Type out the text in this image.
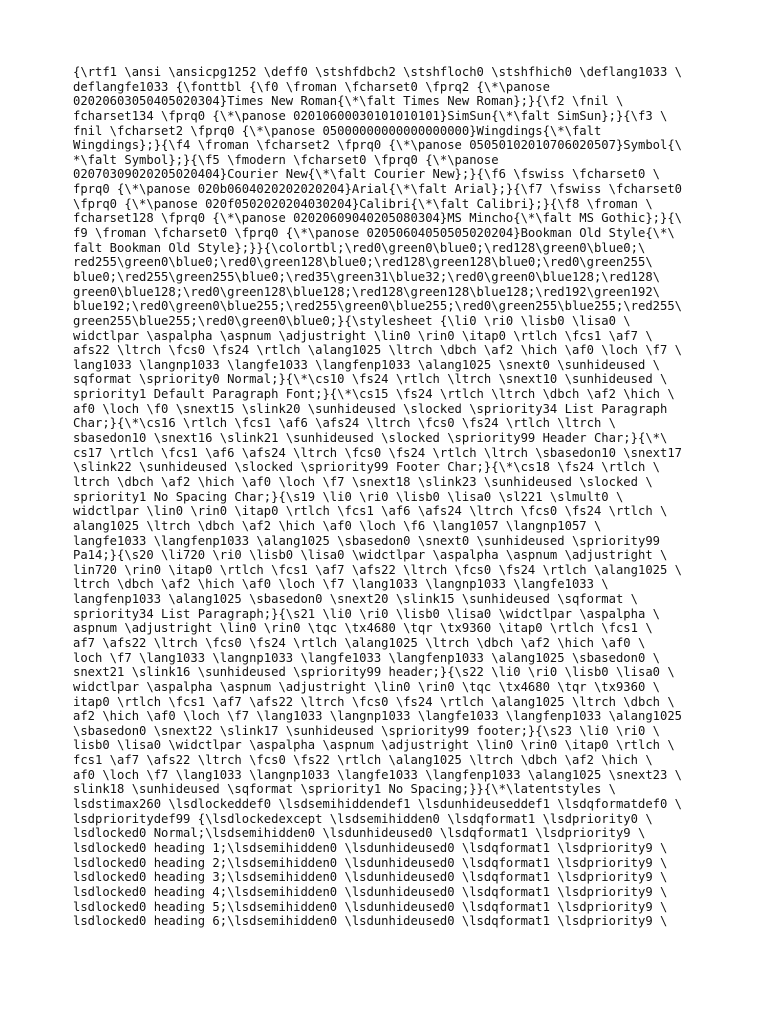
{\rtf1 \ansi \ansicpg1252 \deff0 \stshfdbch2 \stshfloch0 \stshfhich0 \deflang1033 \
deflangfe1033 {\fonttbl {\f0 \froman \fcharset0 \fprq2 {\*\panose
02020603050405020304}Times New Roman{\*\falt Times New Roman};}{\f2 \fnil \
fcharset134 \fprq0 {\*\panose 02010600030101010101}SimSun{\*\falt SimSun};}{\f3 \
fnil \fcharset2 \fprq0 {\*\panose 05000000000000000000}Wingdings{\*\falt
Wingdings};}{\f4 \froman \fcharset2 \fprq0 {\*\panose 05050102010706020507}Symbol{\
*\falt Symbol};}{\f5 \fmodern \fcharset0 \fprq0 {\*\panose
02070309020205020404}Courier New{\*\falt Courier New};}{\f6 \fswiss \fcharset0 \
fprq0 {\*\panose 020b0604020202020204}Arial{\*\falt Arial};}{\f7 \fswiss \fcharset0
\fprq0 {\*\panose 020f0502020204030204}Calibri{\*\falt Calibri};}{\f8 \froman \
fcharset128 \fprq0 {\*\panose 02020609040205080304}MS Mincho{\*\falt MS Gothic};}{\
f9 \froman \fcharset0 \fprq0 {\*\panose 02050604050505020204}Bookman Old Style{\*\
falt Bookman Old Style};}}{\colortbl;\red0\green0\blue0;\red128\green0\blue0;\
red255\green0\blue0;\red0\green128\blue0;\red128\green128\blue0;\red0\green255\
blue0;\red255\green255\blue0;\red35\green31\blue32;\red0\green0\blue128;\red128\
green0\blue128;\red0\green128\blue128;\red128\green128\blue128;\red192\green192\
blue192;\red0\green0\blue255;\red255\green0\blue255;\red0\green255\blue255;\red255\
green255\blue255;\red0\green0\blue0;}{\stylesheet {\li0 \ri0 \lisb0 \lisa0 \
widctlpar \aspalpha \aspnum \adjustright \lin0 \rin0 \itap0 \rtlch \fcs1 \af7 \
afs22 \ltrch \fcs0 \fs24 \rtlch \alang1025 \ltrch \dbch \af2 \hich \af0 \loch \f7 \
lang1033 \langnp1033 \langfe1033 \langfenp1033 \alang1025 \snext0 \sunhideused \
sqformat \spriority0 Normal;}{\*\cs10 \fs24 \rtlch \ltrch \snext10 \sunhideused \
spriority1 Default Paragraph Font;}{\*\cs15 \fs24 \rtlch \ltrch \dbch \af2 \hich \
af0 \loch \f0 \snext15 \slink20 \sunhideused \slocked \spriority34 List Paragraph
Char;}{\*\cs16 \rtlch \fcs1 \af6 \afs24 \ltrch \fcs0 \fs24 \rtlch \ltrch \
sbasedon10 \snext16 \slink21 \sunhideused \slocked \spriority99 Header Char;}{\*\
cs17 \rtlch \fcs1 \af6 \afs24 \ltrch \fcs0 \fs24 \rtlch \ltrch \sbasedon10 \snext17
\slink22 \sunhideused \slocked \spriority99 Footer Char;}{\*\cs18 \fs24 \rtlch \
ltrch \dbch \af2 \hich \af0 \loch \f7 \snext18 \slink23 \sunhideused \slocked \
spriority1 No Spacing Char;}{\s19 \li0 \ri0 \lisb0 \lisa0 \sl221 \slmult0 \
widctlpar \lin0 \rin0 \itap0 \rtlch \fcs1 \af6 \afs24 \ltrch \fcs0 \fs24 \rtlch \
alang1025 \ltrch \dbch \af2 \hich \af0 \loch \f6 \lang1057 \langnp1057 \
langfe1033 \langfenp1033 \alang1025 \sbasedon0 \snext0 \sunhideused \spriority99
Pa14;}{\s20 \li720 \ri0 \lisb0 \lisa0 \widctlpar \aspalpha \aspnum \adjustright \
lin720 \rin0 \itap0 \rtlch \fcs1 \af7 \afs22 \ltrch \fcs0 \fs24 \rtlch \alang1025 \
ltrch \dbch \af2 \hich \af0 \loch \f7 \lang1033 \langnp1033 \langfe1033 \
langfenp1033 \alang1025 \sbasedon0 \snext20 \slink15 \sunhideused \sqformat \
spriority34 List Paragraph;}{\s21 \li0 \ri0 \lisb0 \lisa0 \widctlpar \aspalpha \
aspnum \adjustright \lin0 \rin0 \tqc \tx4680 \tqr \tx9360 \itap0 \rtlch \fcs1 \
af7 \afs22 \ltrch \fcs0 \fs24 \rtlch \alang1025 \ltrch \dbch \af2 \hich \af0 \
loch \f7 \lang1033 \langnp1033 \langfe1033 \langfenp1033 \alang1025 \sbasedon0 \
snext21 \slink16 \sunhideused \spriority99 header;}{\s22 \li0 \ri0 \lisb0 \lisa0 \
widctlpar \aspalpha \aspnum \adjustright \lin0 \rin0 \tqc \tx4680 \tqr \tx9360 \
itap0 \rtlch \fcs1 \af7 \afs22 \ltrch \fcs0 \fs24 \rtlch \alang1025 \ltrch \dbch \
af2 \hich \af0 \loch \f7 \lang1033 \langnp1033 \langfe1033 \langfenp1033 \alang1025
\sbasedon0 \snext22 \slink17 \sunhideused \spriority99 footer;}{\s23 \li0 \ri0 \
lisb0 \lisa0 \widctlpar \aspalpha \aspnum \adjustright \lin0 \rin0 \itap0 \rtlch \
fcs1 \af7 \afs22 \ltrch \fcs0 \fs22 \rtlch \alang1025 \ltrch \dbch \af2 \hich \
af0 \loch \f7 \lang1033 \langnp1033 \langfe1033 \langfenp1033 \alang1025 \snext23 \
slink18 \sunhideused \sqformat \spriority1 No Spacing;}}{\*\latentstyles \
lsdstimax260 \lsdlockeddef0 \lsdsemihiddendef1 \lsdunhideuseddef1 \lsdqformatdef0 \
lsdprioritydef99 {\lsdlockedexcept \lsdsemihidden0 \lsdqformat1 \lsdpriority0 \
lsdlocked0 Normal;\lsdsemihidden0 \lsdunhideused0 \lsdqformat1 \lsdpriority9 \
lsdlocked0 heading 1;\lsdsemihidden0 \lsdunhideused0 \lsdqformat1 \lsdpriority9 \
lsdlocked0 heading 2;\lsdsemihidden0 \lsdunhideused0 \lsdqformat1 \lsdpriority9 \
lsdlocked0 heading 3;\lsdsemihidden0 \lsdunhideused0 \lsdqformat1 \lsdpriority9 \
lsdlocked0 heading 4;\lsdsemihidden0 \lsdunhideused0 \lsdqformat1 \lsdpriority9 \
lsdlocked0 heading 5;\lsdsemihidden0 \lsdunhideused0 \lsdqformat1 \lsdpriority9 \
lsdlocked0 heading 6;\lsdsemihidden0 \lsdunhideused0 \lsdqformat1 \lsdpriority9 \
